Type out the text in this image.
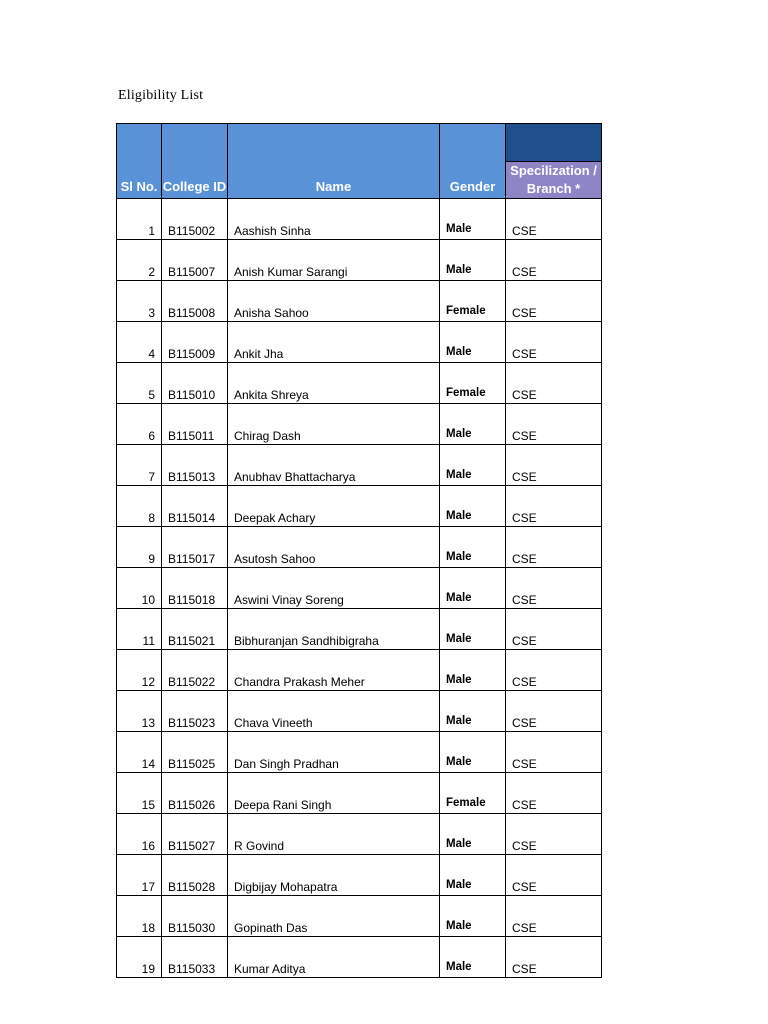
Eligibility List
Sl No.	College ID	Name	Gender	Specilization / Branch *

1	B115002	Aashish Sinha	Male	CSE
2	B115007	Anish Kumar Sarangi	Male	CSE
3	B115008	Anisha Sahoo	Female	CSE
4	B115009	Ankit Jha	Male	CSE
5	B115010	Ankita Shreya	Female	CSE
6	B115011	Chirag Dash	Male	CSE
7	B115013	Anubhav Bhattacharya	Male	CSE
8	B115014	Deepak Achary	Male	CSE
9	B115017	Asutosh Sahoo	Male	CSE
10	B115018	Aswini Vinay Soreng	Male	CSE
11	B115021	Bibhuranjan Sandhibigraha	Male	CSE
12	B115022	Chandra Prakash Meher	Male	CSE
13	B115023	Chava Vineeth	Male	CSE
14	B115025	Dan Singh Pradhan	Male	CSE
15	B115026	Deepa Rani Singh	Female	CSE
16	B115027	R Govind	Male	CSE
17	B115028	Digbijay Mohapatra	Male	CSE
18	B115030	Gopinath Das	Male	CSE
19	B115033	Kumar Aditya	Male	CSE
